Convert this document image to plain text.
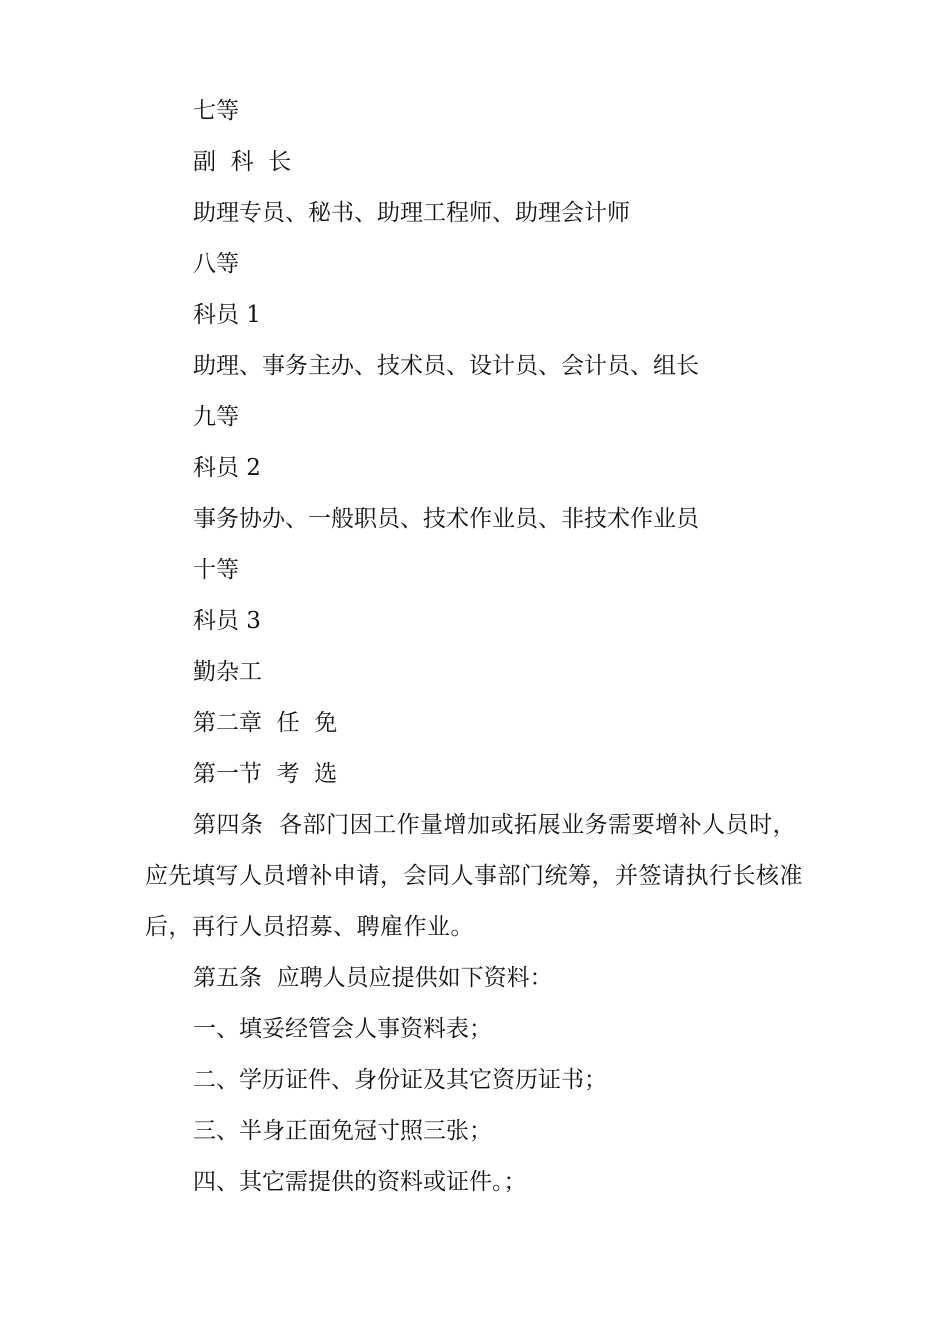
七等

副  科  长

助理专员、秘书、助理工程师、助理会计师

八等

科员 1

助理、事务主办、技术员、设计员、会计员、组长

九等

科员 2

事务协办、一般职员、技术作业员、非技术作业员

十等

科员 3

勤杂工

第二章  任  免

第一节  考  选

第四条  各部门因工作量增加或拓展业务需要增补人员时，
应先填写人员增补申请，会同人事部门统筹，并签请执行长核准
后，再行人员招募、聘雇作业。

第五条  应聘人员应提供如下资料：

一、填妥经管会人事资料表；

二、学历证件、身份证及其它资历证书；

三、半身正面免冠寸照三张；

四、其它需提供的资料或证件。；
